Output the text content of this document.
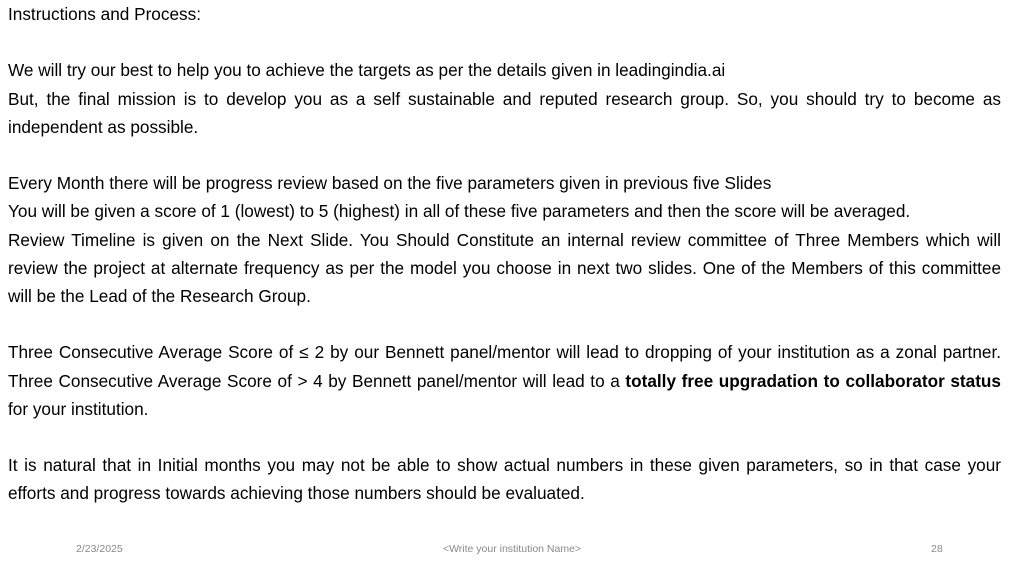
Instructions and Process:

We will try our best to help you to achieve the targets as per the details given in leadingindia.ai

But, the final mission is to develop you as a self sustainable and reputed research group. So, you should try to become as independent as possible.

Every Month there will be progress review based on the five parameters given in previous five Slides

You will be given a score of 1 (lowest) to 5 (highest) in all of these five parameters and then the score will be averaged.

Review Timeline is given on the Next Slide. You Should Constitute an internal review committee of Three Members which will review the project at alternate frequency as per the model you choose in next two slides. One of the Members of this committee will be the Lead of the Research Group.

Three Consecutive Average Score of ≤ 2 by our Bennett panel/mentor will lead to dropping of your institution as a zonal partner. Three Consecutive Average Score of > 4 by Bennett panel/mentor will lead to a totally free upgradation to collaborator status for your institution.

It is natural that in Initial months you may not be able to show actual numbers in these given parameters, so in that case your efforts and progress towards achieving those numbers should be evaluated.

2/23/2025	<Write your institution Name>	28
